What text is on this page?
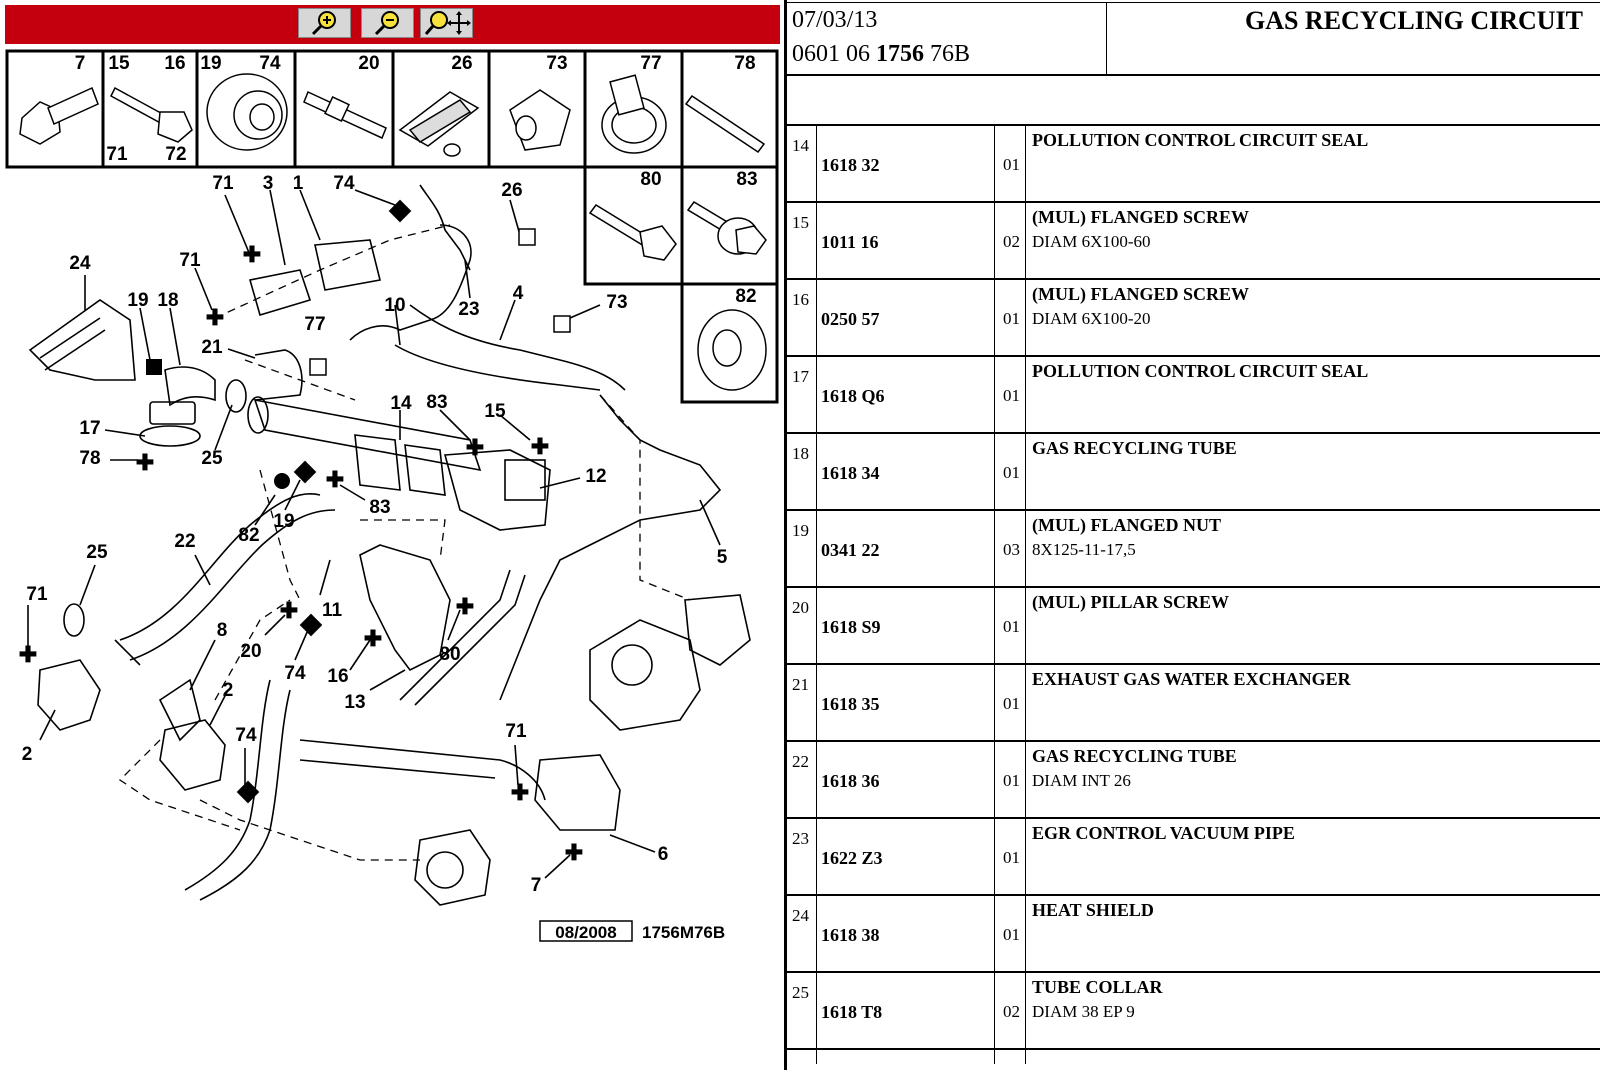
✚
✚
✚ ✚
✚
✚
✚	✚
✚
✚
✚
✚
7 15 16
71 72
19 74	20	26	73	77	78
80	83
82
71 3 1 74	26
24	71
19 18
77
10	23
4	73
21
14 83 15
17
78	25
12
82
19
83
22
5
25
71
11
8
20	80
74 16
2
13
74	71
2
6
7
08/2008 1756M76B
07/03/13
0601 06 1756 76B
GAS RECYCLING CIRCUIT
14
1618 32	01
POLLUTION CONTROL CIRCUIT SEAL
15
1011 16	02
(MUL) FLANGED SCREW
DIAM 6X100-60
16
0250 57	01
(MUL) FLANGED SCREW
DIAM 6X100-20
17
1618 Q6	01
POLLUTION CONTROL CIRCUIT SEAL
18
1618 34	01
GAS RECYCLING TUBE
19
0341 22	03
(MUL) FLANGED NUT
8X125-11-17,5
20
1618 S9	01
(MUL) PILLAR SCREW
21
1618 35	01
EXHAUST GAS WATER EXCHANGER
22
1618 36	01
GAS RECYCLING TUBE
DIAM INT 26
23
1622 Z3	01
EGR CONTROL VACUUM PIPE
24
1618 38	01
HEAT SHIELD
25
1618 T8	02
TUBE COLLAR
DIAM 38 EP 9
